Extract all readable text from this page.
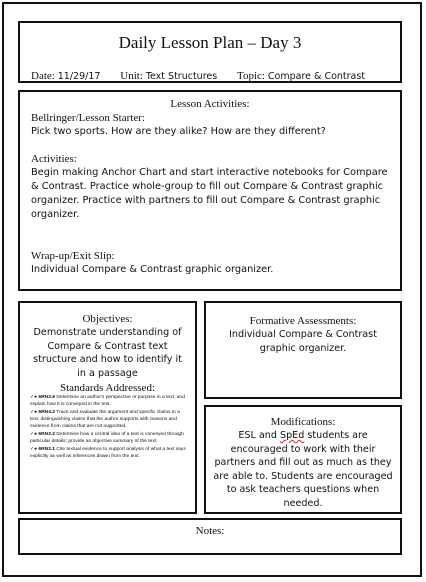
Daily Lesson Plan – Day 3
Date: 11/29/17 Unit: Text Structures Topic: Compare & Contrast
Lesson Activities:
Bellringer/Lesson Starter:
Pick two sports. How are they alike? How are they different?
Activities:
Begin making Anchor Chart and start interactive notebooks for Compare & Contrast. Practice whole-group to fill out Compare & Contrast graphic organizer. Practice with partners to fill out Compare & Contrast graphic organizer.
Wrap-up/Exit Slip:
Individual Compare & Contrast graphic organizer.
Objectives:
Demonstrate understanding of Compare & Contrast text structure and how to identify it in a passage
Standards Addressed:
✓● 6RN2.6 Determine an author's perspective or purpose in a text, and explain how it is conveyed in the text.
✓● 6RN4.3 Trace and evaluate the argument and specific claims in a text, distinguishing claims that the author supports with reasons and evidence from claims that are not supported.
✓● 6RN2.2 Determine how a central idea of a text is conveyed through particular details; provide an objective summary of the text.
✓● 6RN2.1 Cite textual evidence to support analysis of what a text says explicitly as well as inferences drawn from the text.
Formative Assessments:
Individual Compare & Contrast graphic organizer.
Modifications:
ESL and SpEd students are encouraged to work with their partners and fill out as much as they are able to. Students are encouraged to ask teachers questions when needed.
Notes:
